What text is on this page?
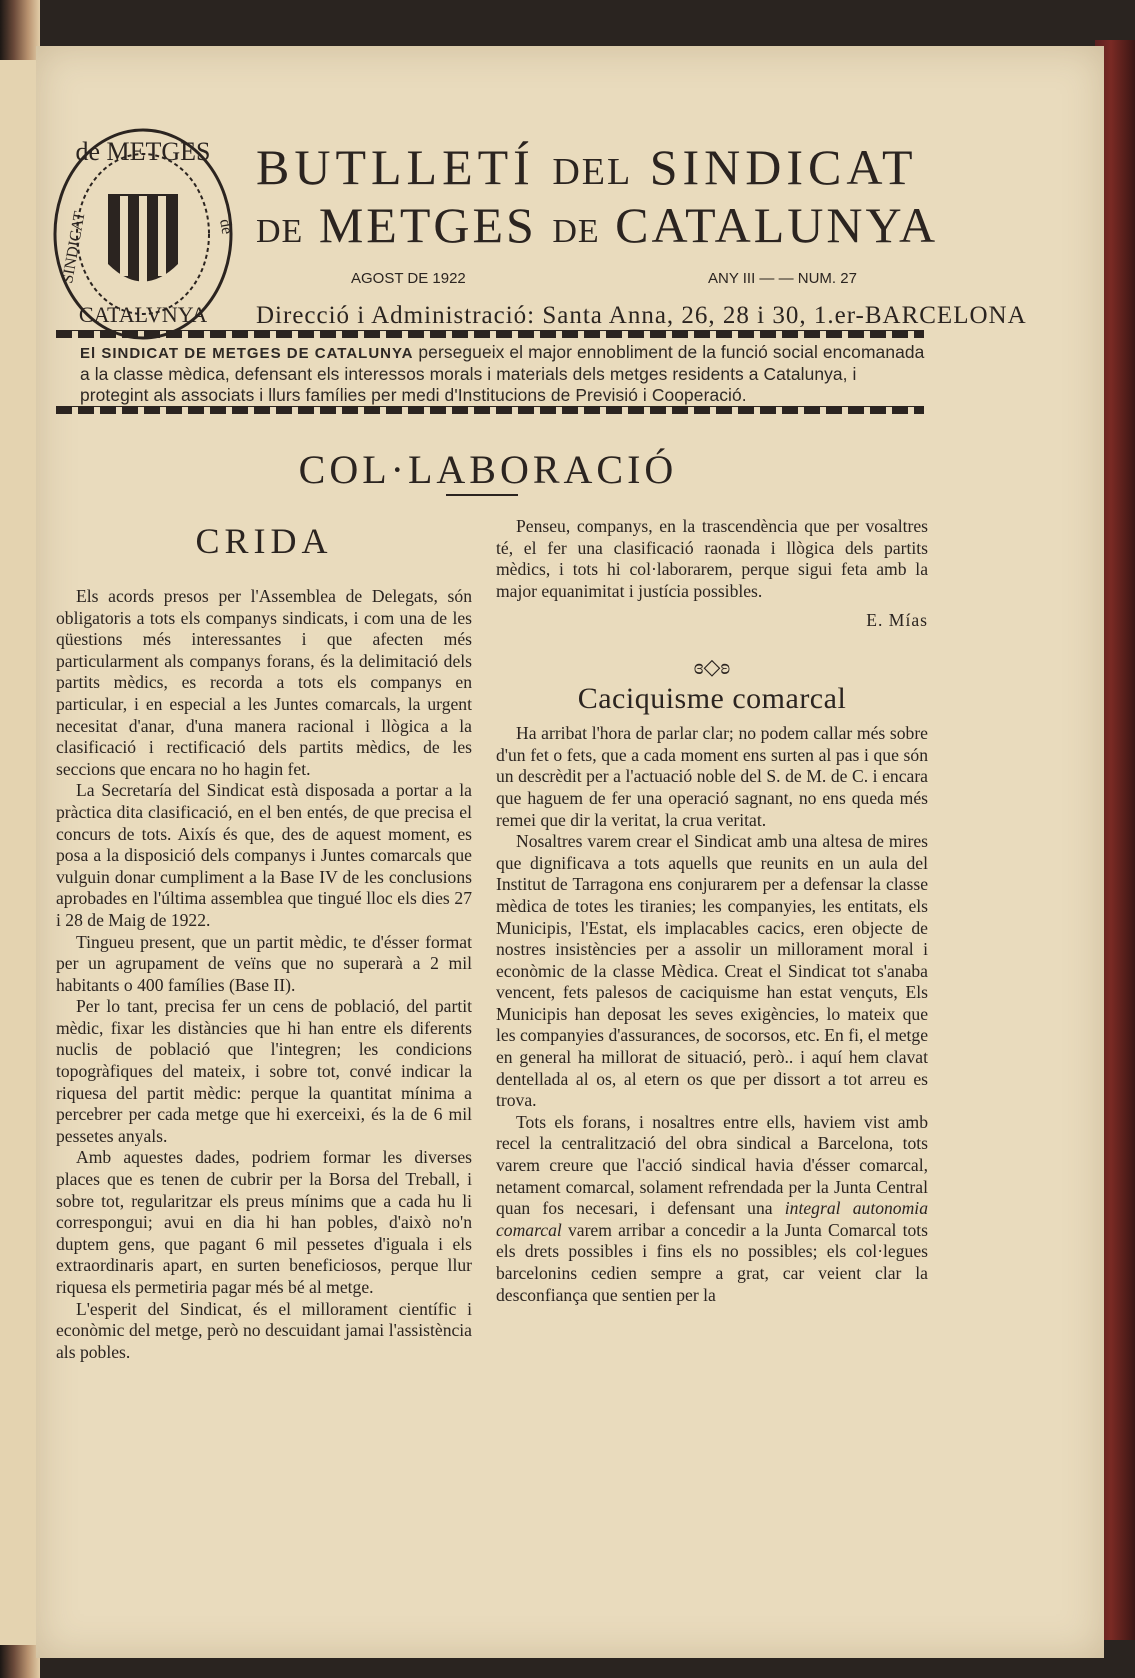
de METGES
SINDICAT	de
CATALVNYA
BUTLLETÍ DEL SINDICAT
DE METGES DE CATALUNYA
AGOST DE 1922	ANY III — — NUM. 27
Direcció i Administració: Santa Anna, 26, 28 i 30, 1.er-BARCELONA
El SINDICAT DE METGES DE CATALUNYA persegueix el major ennobliment de la funció social encomanada a la classe mèdica, defensant els interessos morals i materials dels metges residents a Catalunya, i protegint als associats i llurs famílies per medi d'Institucions de Previsió i Cooperació.
COL·LABORACIÓ
CRIDA

Els acords presos per l'Assemblea de Delegats, són obligatoris a tots els companys sindicats, i com una de les qüestions més interessantes i que afecten més particularment als companys forans, és la delimitació dels partits mèdics, es recorda a tots els companys en particular, i en especial a les Juntes comarcals, la urgent necesitat d'anar, d'una manera racional i llògica a la clasificació i rectificació dels partits mèdics, de les seccions que encara no ho hagin fet.

La Secretaría del Sindicat està disposada a portar a la pràctica dita clasificació, en el ben entés, de que precisa el concurs de tots. Aixís és que, des de aquest moment, es posa a la disposició dels companys i Juntes comarcals que vulguin donar cumpliment a la Base IV de les conclusions aprobades en l'última assemblea que tingué lloc els dies 27 i 28 de Maig de 1922.

Tingueu present, que un partit mèdic, te d'ésser format per un agrupament de veïns que no superarà a 2 mil habitants o 400 famílies (Base II).

Per lo tant, precisa fer un cens de població, del partit mèdic, fixar les distàncies que hi han entre els diferents nuclis de població que l'integren; les condicions topogràfiques del mateix, i sobre tot, convé indicar la riquesa del partit mèdic: perque la quantitat mínima a percebrer per cada metge que hi exerceixi, és la de 6 mil pessetes anyals.

Amb aquestes dades, podriem formar les diverses places que es tenen de cubrir per la Borsa del Treball, i sobre tot, regularitzar els preus mínims que a cada hu li correspongui; avui en dia hi han pobles, d'això no'n duptem gens, que pagant 6 mil pessetes d'iguala i els extraordinaris apart, en surten beneficiosos, perque llur riquesa els permetiria pagar més bé al metge.

L'esperit del Sindicat, és el millorament científic i econòmic del metge, però no descuidant jamai l'assistència als pobles.

Penseu, companys, en la trascendència que per vosaltres té, el fer una clasificació raonada i llògica dels partits mèdics, i tots hi col·laborarem, perque sigui feta amb la major equanimitat i justícia possibles.

E. Mías

ɞ◇ʚ
Caciquisme comarcal

Ha arribat l'hora de parlar clar; no podem callar més sobre d'un fet o fets, que a cada moment ens surten al pas i que són un descrèdit per a l'actuació noble del S. de M. de C. i encara que haguem de fer una operació sagnant, no ens queda més remei que dir la veritat, la crua veritat.

Nosaltres varem crear el Sindicat amb una altesa de mires que dignificava a tots aquells que reunits en un aula del Institut de Tarragona ens conjurarem per a defensar la classe mèdica de totes les tiranies; les companyies, les entitats, els Municipis, l'Estat, els implacables cacics, eren objecte de nostres insistències per a assolir un millorament moral i econòmic de la classe Mèdica. Creat el Sindicat tot s'anaba vencent, fets palesos de caciquisme han estat vençuts, Els Municipis han deposat les seves exigències, lo mateix que les companyies d'assurances, de socorsos, etc. En fi, el metge en general ha millorat de situació, però.. i aquí hem clavat dentellada al os, al etern os que per dissort a tot arreu es trova.

Tots els forans, i nosaltres entre ells, haviem vist amb recel la centralització del obra sindical a Barcelona, tots varem creure que l'acció sindical havia d'ésser comarcal, netament comarcal, solament refrendada per la Junta Central quan fos necesari, i defensant una integral autonomia comarcal varem arribar a concedir a la Junta Comarcal tots els drets possibles i fins els no possibles; els col·legues barcelonins cedien sempre a grat, car veient clar la desconfiança que sentien per la
